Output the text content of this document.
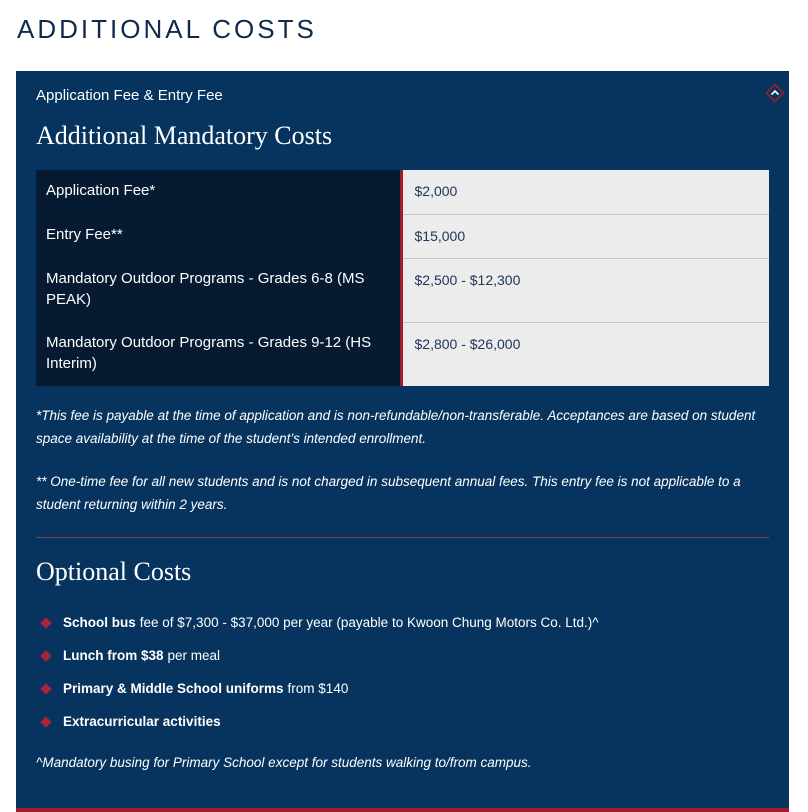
ADDITIONAL COSTS
Application Fee & Entry Fee
Additional Mandatory Costs
Application Fee*	$2,000
Entry Fee**	$15,000
Mandatory Outdoor Programs - Grades 6-8 (MS PEAK)	$2,500 - $12,300
Mandatory Outdoor Programs - Grades 9-12 (HS Interim)	$2,800 - $26,000

*This fee is payable at the time of application and is non-refundable/non-transferable. Acceptances are based on student space availability at the time of the student’s intended enrollment.

** One-time fee for all new students and is not charged in subsequent annual fees. This entry fee is not applicable to a student returning within 2 years.

Optional Costs
School bus fee of $7,300 - $37,000 per year (payable to Kwoon Chung Motors Co. Ltd.)^
Lunch from $38 per meal
Primary & Middle School uniforms from $140
Extracurricular activities

^Mandatory busing for Primary School except for students walking to/from campus.
